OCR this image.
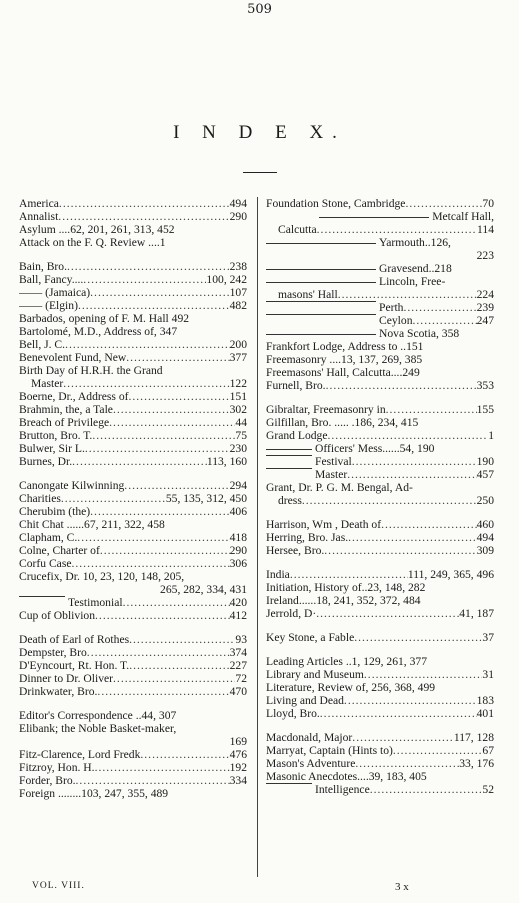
509
I N D E X.
America .....	494
Annalist .....	290
Asylum ....62, 201, 261, 313, 452
Attack on the F. Q. Review ....1
Bain, Bro. .....	238
Ball, Fancy.... .....	100, 242
—— (Jamaica) .....	107
—— (Elgin) .....	482
Barbados, opening of F. M. Hall 492
Bartolomé, M.D., Address of, 347
Bell, J. C. .....	200
Benevolent Fund, New .....	377
Birth Day of H.R.H. the Grand
Master .....	122
Boerne, Dr., Address of .....	151
Brahmin, the, a Tale .....	302
Breach of Privilege .....	44
Brutton, Bro. T. .....	75
Bulwer, Sir L. .....	230
Burnes, Dr. .....	113, 160
Canongate Kilwinning .....	294
Charities .....	55, 135, 312, 450
Cherubim (the) .....	406
Chit Chat ......67, 211, 322, 458
Clapham, C. .....	418
Colne, Charter of .....	290
Corfu Case .....	306
Crucefix, Dr. 10, 23, 120, 148, 205,
265, 282, 334, 431
Testimonial .....	420
Cup of Oblivion .....	412
Death of Earl of Rothes .....	93
Dempster, Bro .....	374
D'Eyncourt, Rt. Hon. T. .....	227
Dinner to Dr. Oliver .....	72
Drinkwater, Bro. .....	470
Editor's Correspondence ..44, 307
Elibank; the Noble Basket-maker,
169
Fitz-Clarence, Lord Fredk .....	476
Fitzroy, Hon. H. .....	192
Forder, Bro. .....	334
Foreign ........103, 247, 355, 489
Foundation Stone, Cambridge .....	70
Metcalf Hall,
Calcutta .....	114
Yarmouth..126,
223
Gravesend..218
Lincoln, Free-
masons' Hall .....	224
Perth .....	239
Ceylon .....	247
Nova Scotia, 358
Frankfort Lodge, Address to ..151
Freemasonry ....13, 137, 269, 385
Freemasons' Hall, Calcutta....249
Furnell, Bro. .....	353
Gibraltar, Freemasonry in .....	155
Gilfillan, Bro. ..... .186, 234, 415
Grand Lodge .....	1
Officers' Mess......54, 190
Festival .....	190
Master .....	457
Grant, Dr. P. G. M. Bengal, Ad-
dress .....	250
Harrison, Wm , Death of .....	460
Herring, Bro. Jas. .....	494
Hersee, Bro. .....	309
India .....	111, 249, 365, 496
Initiation, History of..23, 148, 282
Ireland......18, 241, 352, 372, 484
Jerrold, D· .....	41, 187
Key Stone, a Fable .....	37
Leading Articles ..1, 129, 261, 377
Library and Museum .....	31
Literature, Review of, 256, 368, 499
Living and Dead .....	183
Lloyd, Bro. .....	401
Macdonald, Major .....	117, 128
Marryat, Captain (Hints to) .....	67
Mason's Adventure .....	33, 176
Masonic Anecdotes....39, 183, 405
Intelligence .....	52
VOL. VIII.	3 x
